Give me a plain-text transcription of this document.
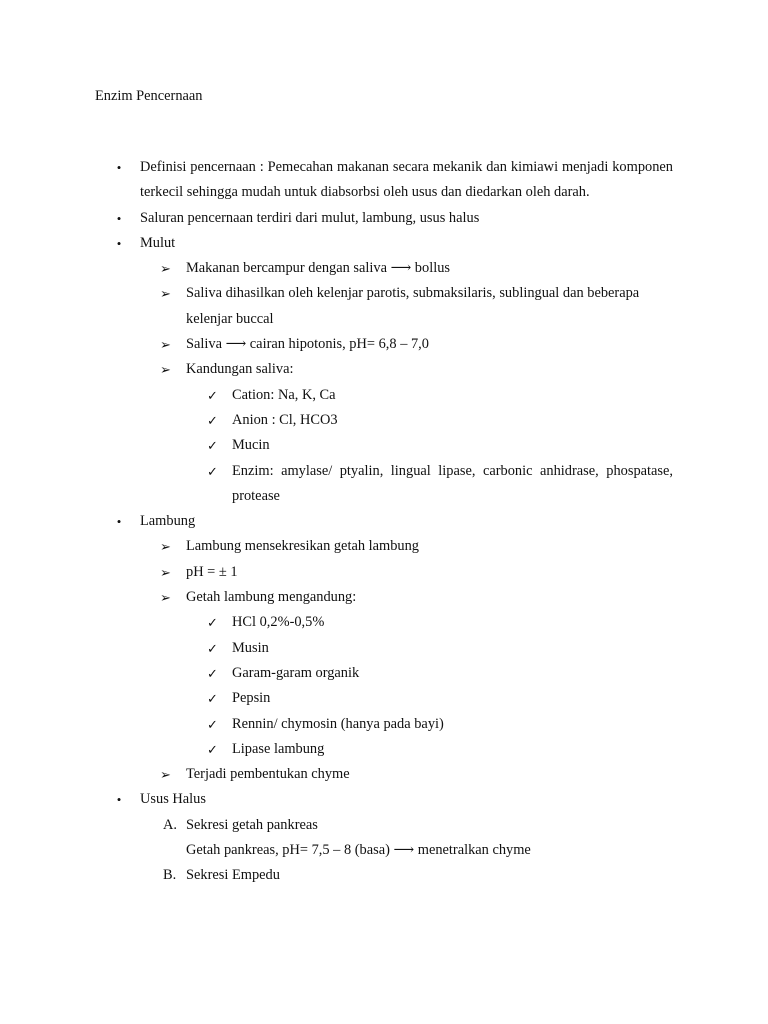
Enzim Pencernaan
• Definisi pencernaan : Pemecahan makanan secara mekanik dan kimiawi menjadi komponen terkecil sehingga mudah untuk diabsorbsi oleh usus dan diedarkan oleh darah.
• Saluran pencernaan terdiri dari mulut, lambung, usus halus
• Mulut
➢ Makanan bercampur dengan saliva ⟶ bollus
➢ Saliva dihasilkan oleh kelenjar parotis, submaksilaris, sublingual dan beberapa kelenjar buccal
➢ Saliva ⟶ cairan hipotonis, pH= 6,8 – 7,0
➢ Kandungan saliva:
✓ Cation: Na, K, Ca
✓ Anion : Cl, HCO3
✓ Mucin
✓ Enzim: amylase/ ptyalin, lingual lipase, carbonic anhidrase, phospatase, protease
• Lambung
➢ Lambung mensekresikan getah lambung
➢ pH = ± 1
➢ Getah lambung mengandung:
✓ HCl 0,2%-0,5%
✓ Musin
✓ Garam-garam organik
✓ Pepsin
✓ Rennin/ chymosin (hanya pada bayi)
✓ Lipase lambung
➢ Terjadi pembentukan chyme
• Usus Halus
A. Sekresi getah pankreas
Getah pankreas, pH= 7,5 – 8 (basa) ⟶ menetralkan chyme
B. Sekresi Empedu
